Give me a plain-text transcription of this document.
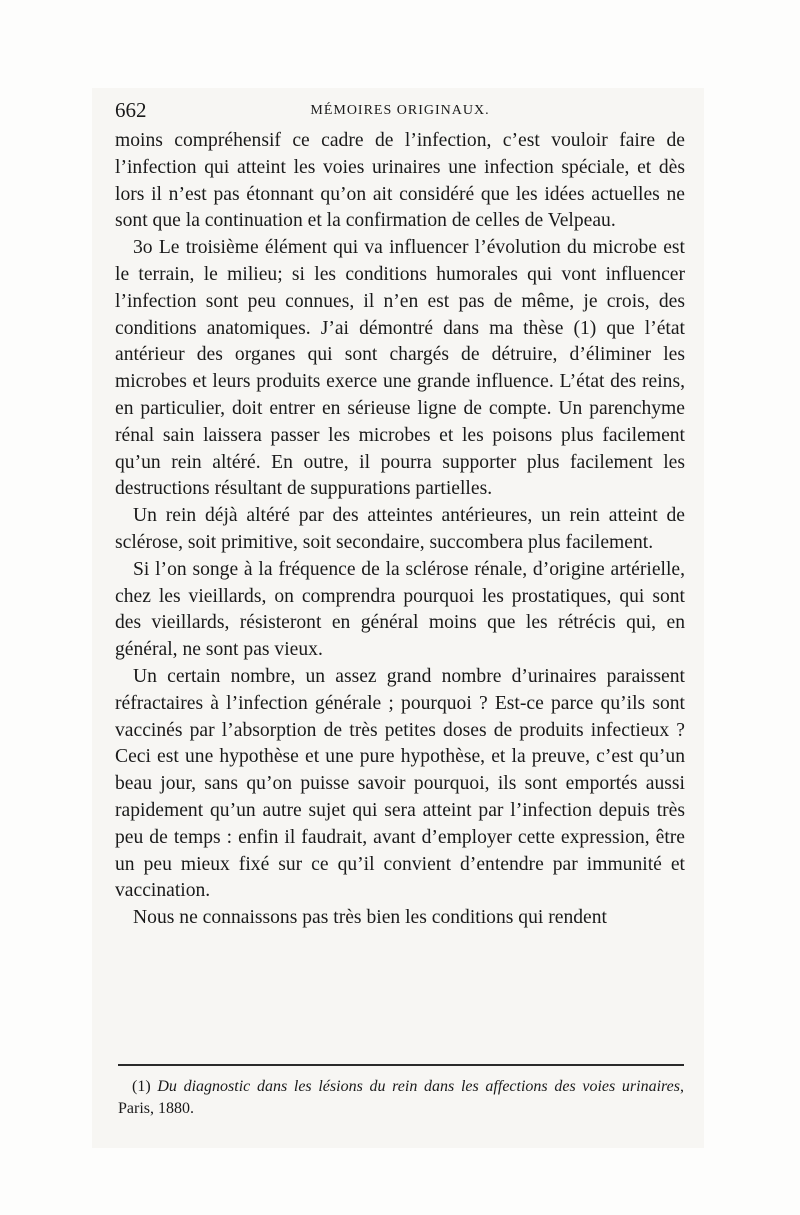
662	MÉMOIRES ORIGINAUX.

moins compréhensif ce cadre de l’infection, c’est vouloir faire de l’infection qui atteint les voies urinaires une infection spéciale, et dès lors il n’est pas étonnant qu’on ait considéré que les idées actuelles ne sont que la continuation et la confirmation de celles de Velpeau.

3o Le troisième élément qui va influencer l’évolution du microbe est le terrain, le milieu; si les conditions humorales qui vont influencer l’infection sont peu connues, il n’en est pas de même, je crois, des conditions anatomiques. J’ai démontré dans ma thèse (1) que l’état antérieur des organes qui sont chargés de détruire, d’éliminer les microbes et leurs produits exerce une grande influence. L’état des reins, en particulier, doit entrer en sérieuse ligne de compte. Un parenchyme rénal sain laissera passer les microbes et les poisons plus facilement qu’un rein altéré. En outre, il pourra supporter plus facilement les destructions résultant de suppurations partielles.

Un rein déjà altéré par des atteintes antérieures, un rein atteint de sclérose, soit primitive, soit secondaire, succombera plus facilement.

Si l’on songe à la fréquence de la sclérose rénale, d’origine artérielle, chez les vieillards, on comprendra pourquoi les prostatiques, qui sont des vieillards, résisteront en général moins que les rétrécis qui, en général, ne sont pas vieux.

Un certain nombre, un assez grand nombre d’urinaires paraissent réfractaires à l’infection générale ; pourquoi ? Est-ce parce qu’ils sont vaccinés par l’absorption de très petites doses de produits infectieux ? Ceci est une hypothèse et une pure hypothèse, et la preuve, c’est qu’un beau jour, sans qu’on puisse savoir pourquoi, ils sont emportés aussi rapidement qu’un autre sujet qui sera atteint par l’infection depuis très peu de temps : enfin il faudrait, avant d’employer cette expression, être un peu mieux fixé sur ce qu’il convient d’entendre par immunité et vaccination.

Nous ne connaissons pas très bien les conditions qui rendent

(1) Du diagnostic dans les lésions du rein dans les affections des voies urinaires, Paris, 1880.
